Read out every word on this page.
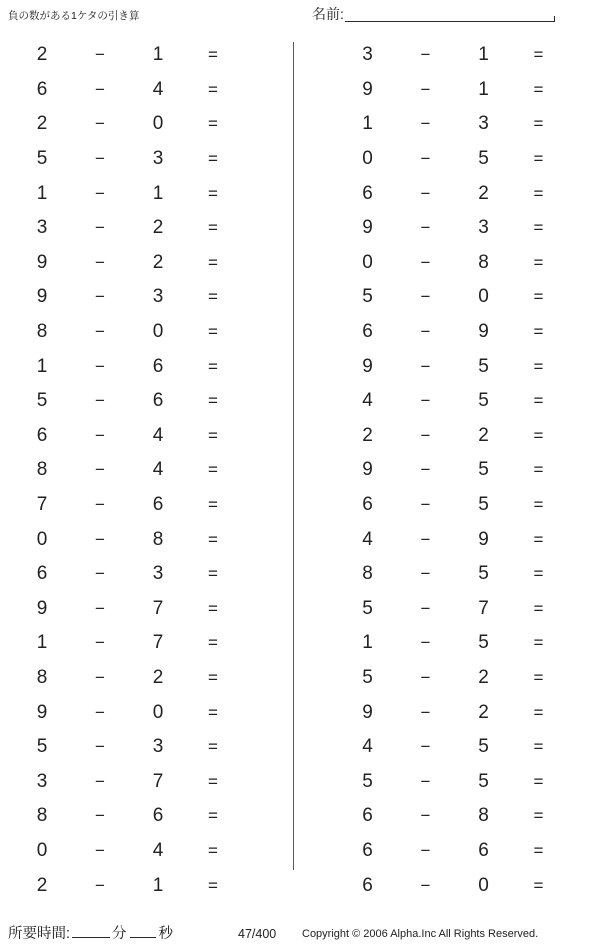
負の数がある1ケタの引き算	名前:
2	−	1	=
6	−	4	=
2	−	0	=
5	−	3	=
1	−	1	=
3	−	2	=
9	−	2	=
9	−	3	=
8	−	0	=
1	−	6	=
5	−	6	=
6	−	4	=
8	−	4	=
7	−	6	=
0	−	8	=
6	−	3	=
9	−	7	=
1	−	7	=
8	−	2	=
9	−	0	=
5	−	3	=
3	−	7	=
8	−	6	=
0	−	4	=
2	−	1	=
3	−	1	=
9	−	1	=
1	−	3	=
0	−	5	=
6	−	2	=
9	−	3	=
0	−	8	=
5	−	0	=
6	−	9	=
9	−	5	=
4	−	5	=
2	−	2	=
9	−	5	=
6	−	5	=
4	−	9	=
8	−	5	=
5	−	7	=
1	−	5	=
5	−	2	=
9	−	2	=
4	−	5	=
5	−	5	=
6	−	8	=
6	−	6	=
6	−	0	=
所要時間:	分 秒	47/400 Copyright © 2006 Alpha.Inc All Rights Reserved.
